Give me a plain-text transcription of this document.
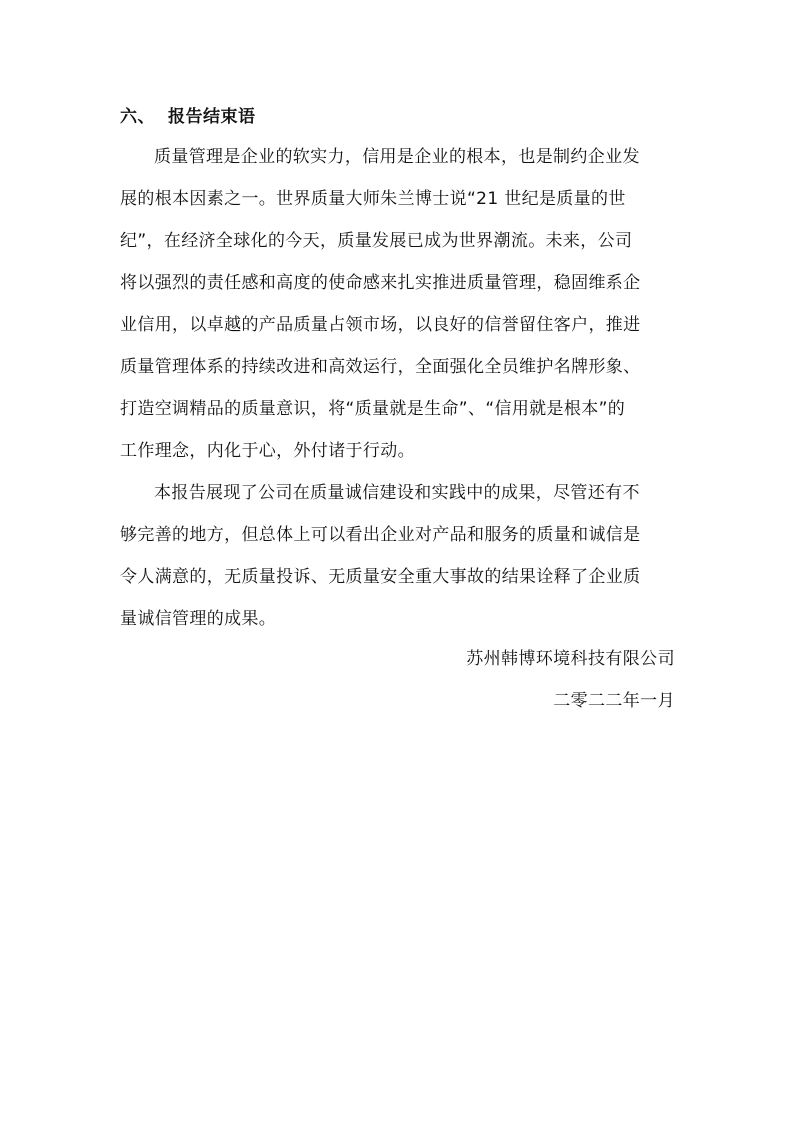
六、 报告结束语
质量管理是企业的软实力，信用是企业的根本，也是制约企业发
展的根本因素之一。世界质量大师朱兰博士说“21 世纪是质量的世
纪”，在经济全球化的今天，质量发展已成为世界潮流。未来，公司
将以强烈的责任感和高度的使命感来扎实推进质量管理，稳固维系企
业信用，以卓越的产品质量占领市场，以良好的信誉留住客户，推进
质量管理体系的持续改进和高效运行，全面强化全员维护名牌形象、
打造空调精品的质量意识，将“质量就是生命”、“信用就是根本”的
工作理念，内化于心，外付诸于行动。
本报告展现了公司在质量诚信建设和实践中的成果，尽管还有不
够完善的地方，但总体上可以看出企业对产品和服务的质量和诚信是
令人满意的，无质量投诉、无质量安全重大事故的结果诠释了企业质
量诚信管理的成果。
苏州韩博环境科技有限公司
二零二二年一月
